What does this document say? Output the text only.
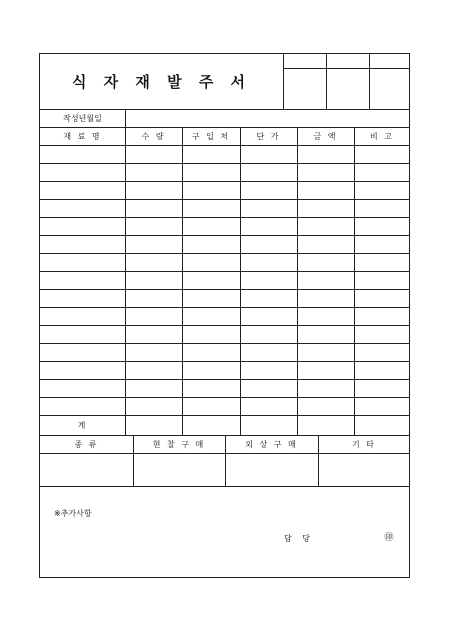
식 자 재 발 주 서
작성년월일
재 료 명	수 량	구 입 처	단 가	금 액	비 고
계
종 류	현 찰 구 매	외 상 구 매	기 타
※추가사항
담 당	㊞
